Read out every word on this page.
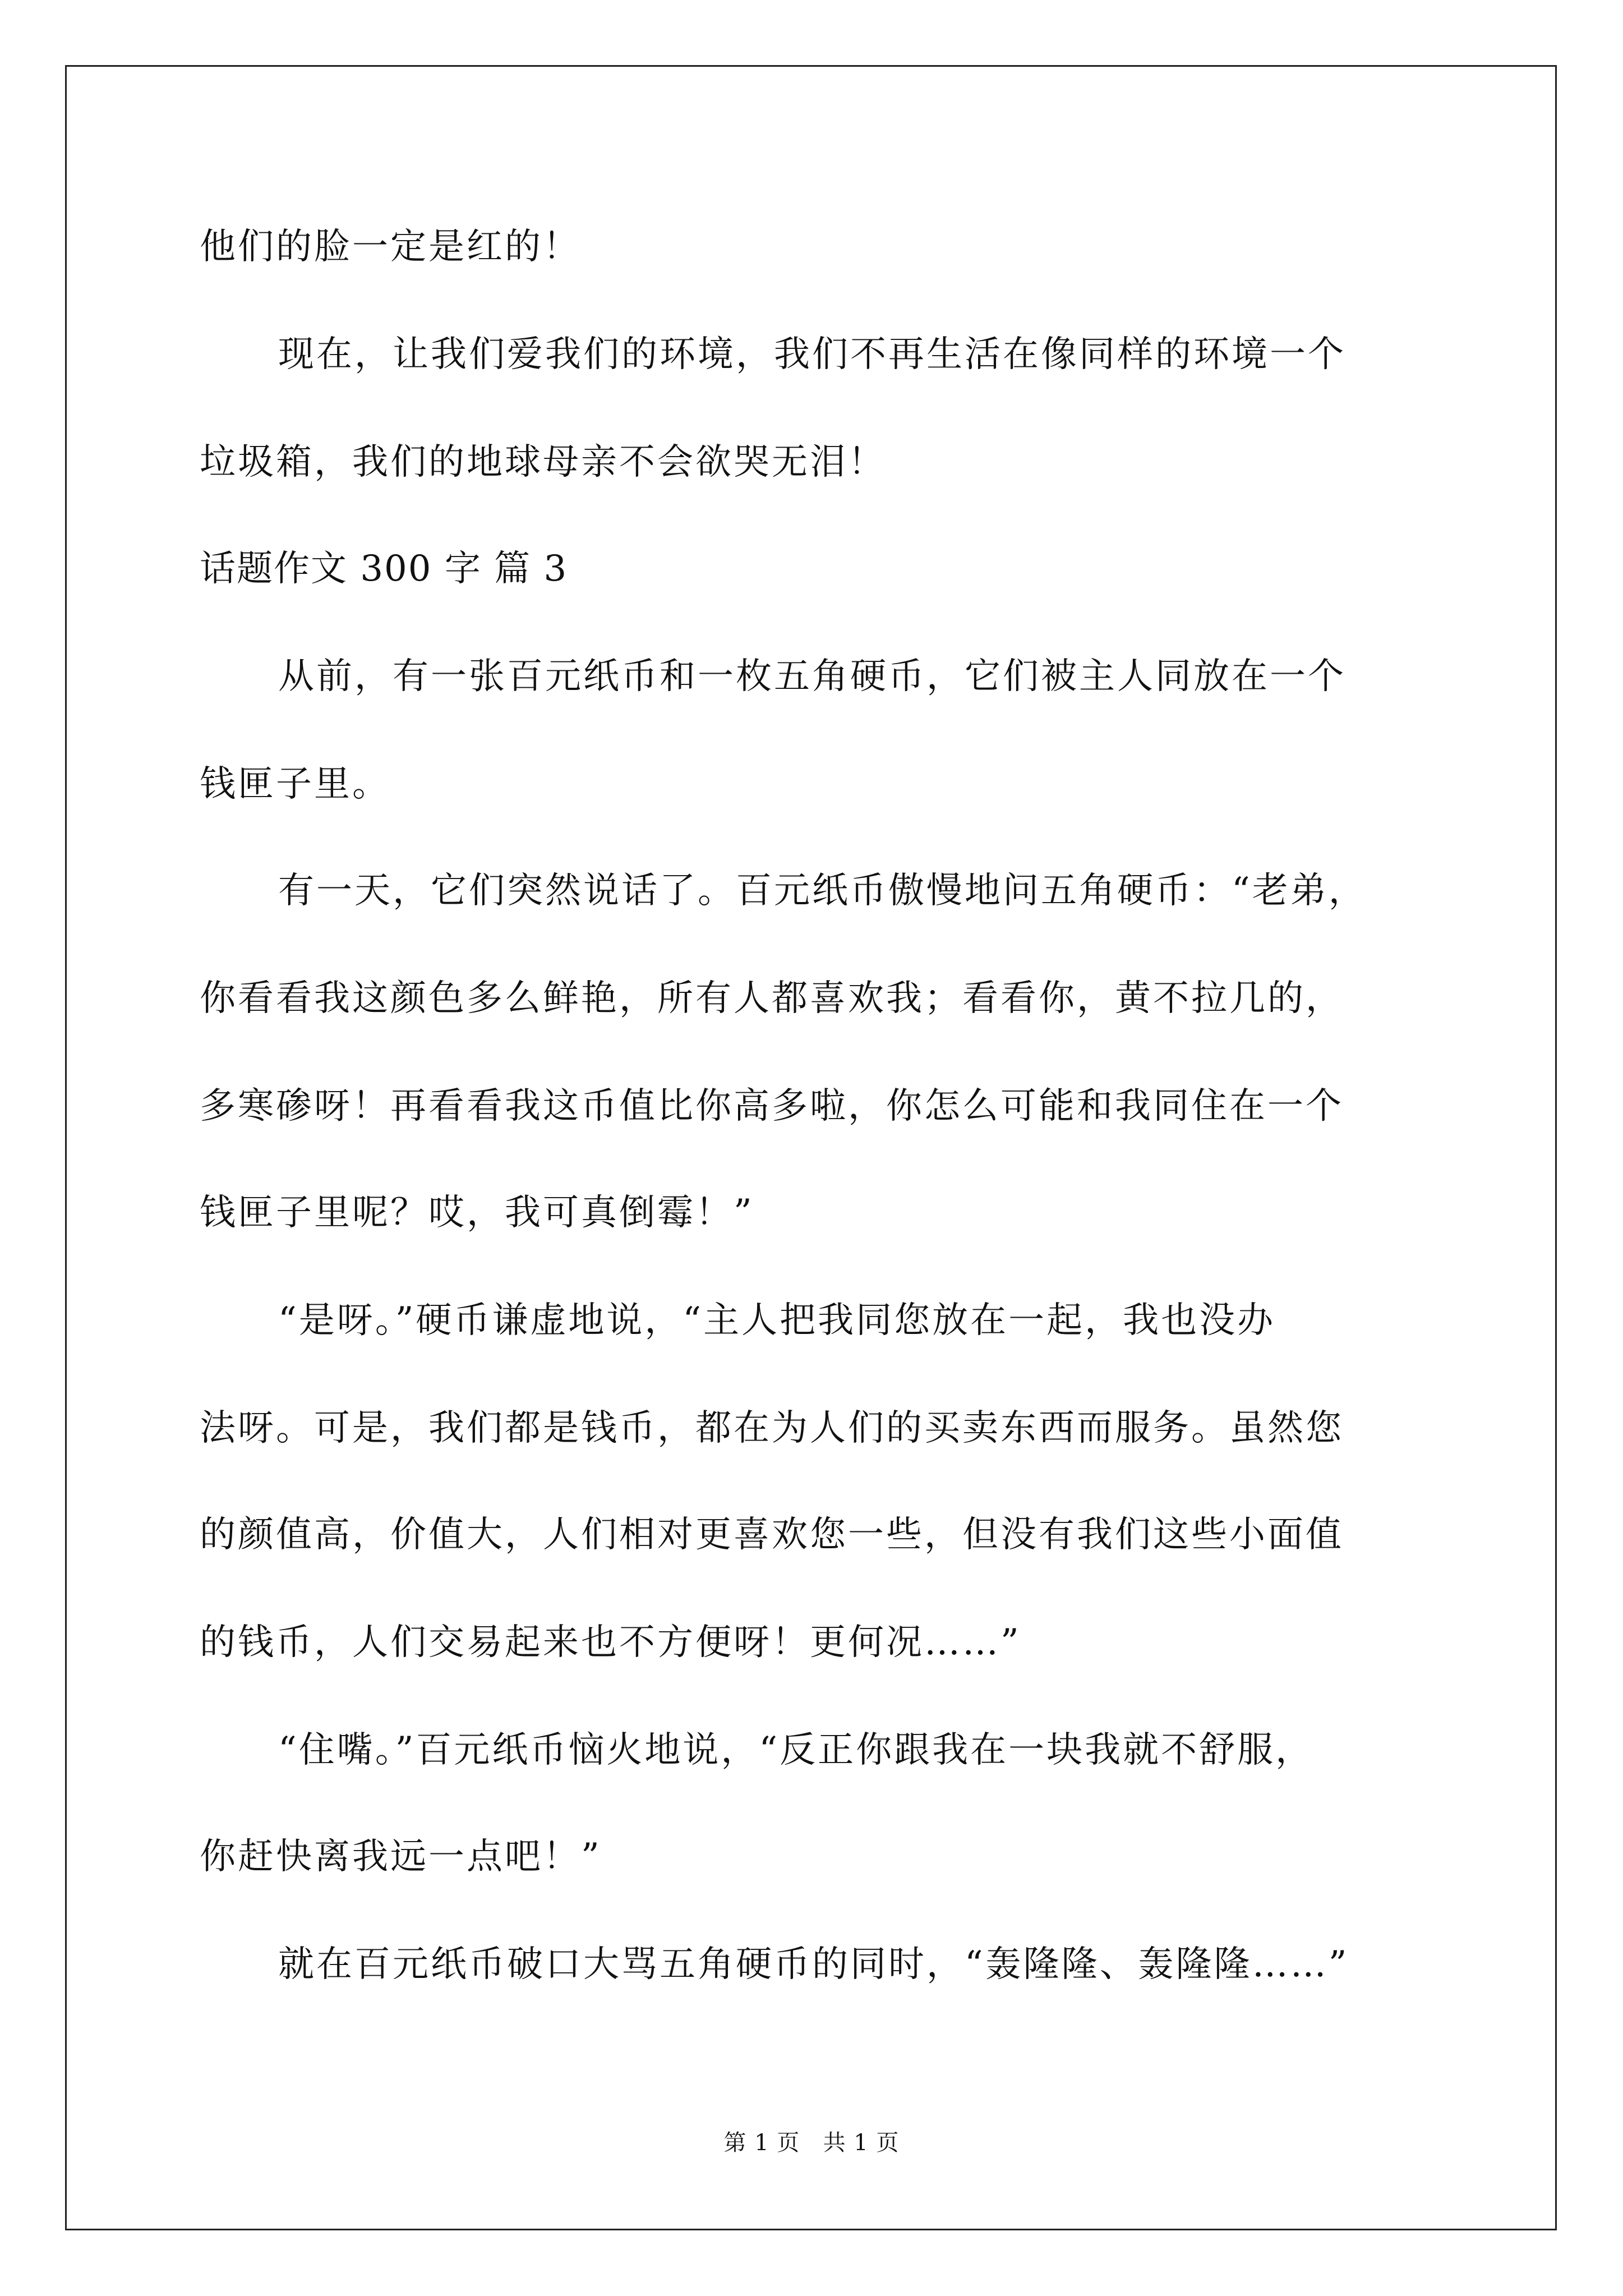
他们的脸一定是红的！
现在，让我们爱我们的环境，我们不再生活在像同样的环境一个
垃圾箱，我们的地球母亲不会欲哭无泪！
话题作文 300 字 篇 3
从前，有一张百元纸币和一枚五角硬币，它们被主人同放在一个
钱匣子里。
有一天，它们突然说话了。百元纸币傲慢地问五角硬币：“老弟，
你看看我这颜色多么鲜艳，所有人都喜欢我；看看你，黄不拉几的，
多寒碜呀！再看看我这币值比你高多啦，你怎么可能和我同住在一个
钱匣子里呢？哎，我可真倒霉！”
“是呀。”硬币谦虚地说，“主人把我同您放在一起，我也没办
法呀。可是，我们都是钱币，都在为人们的买卖东西而服务。虽然您
的颜值高，价值大，人们相对更喜欢您一些，但没有我们这些小面值
的钱币，人们交易起来也不方便呀！更何况……”
“住嘴。”百元纸币恼火地说，“反正你跟我在一块我就不舒服，
你赶快离我远一点吧！”
就在百元纸币破口大骂五角硬币的同时，“轰隆隆、轰隆隆……”
第 1 页   共 1 页
